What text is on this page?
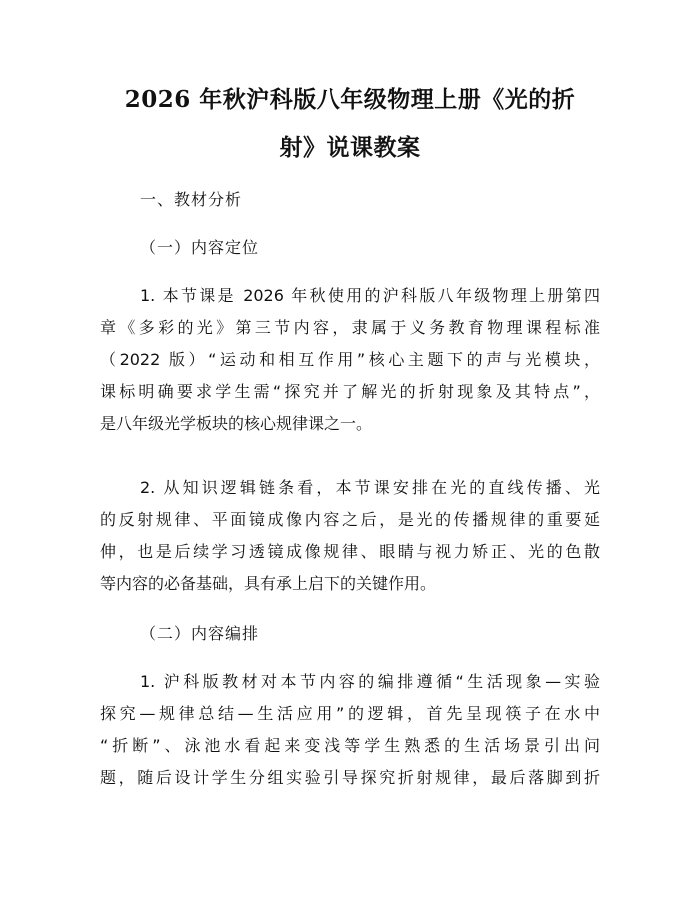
2026 年秋沪科版八年级物理上册《光的折
射》说课教案

一、教材分析

（一）内容定位

1. 本节课是 2026 年秋使用的沪科版八年级物理上册第四
章《多彩的光》第三节内容，隶属于义务教育物理课程标准
（2022 版）“运动和相互作用”核心主题下的声与光模块，
课标明确要求学生需“探究并了解光的折射现象及其特点”，
是八年级光学板块的核心规律课之一。
2. 从知识逻辑链条看，本节课安排在光的直线传播、光
的反射规律、平面镜成像内容之后，是光的传播规律的重要延
伸，也是后续学习透镜成像规律、眼睛与视力矫正、光的色散
等内容的必备基础，具有承上启下的关键作用。

（二）内容编排

1. 沪科版教材对本节内容的编排遵循“生活现象—实验
探究—规律总结—生活应用”的逻辑，首先呈现筷子在水中
“折断”、泳池水看起来变浅等学生熟悉的生活场景引出问
题，随后设计学生分组实验引导探究折射规律，最后落脚到折
